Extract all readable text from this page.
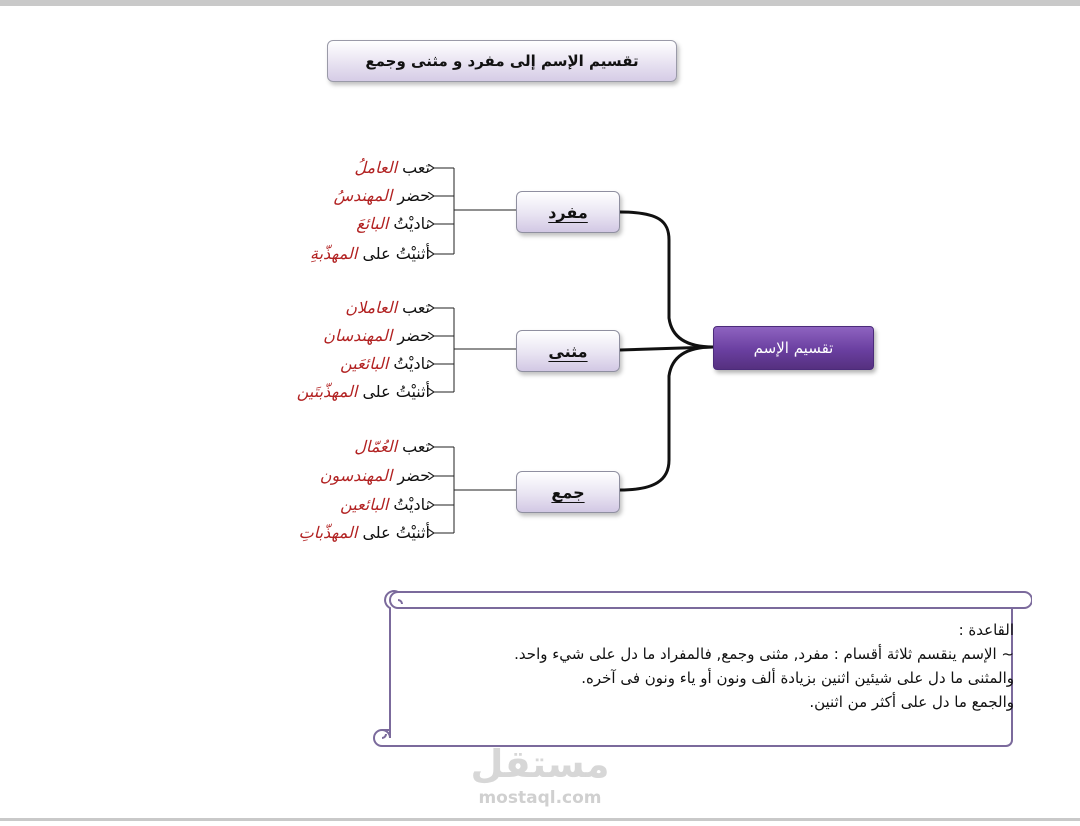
تقسيم الإسم إلى مفرد و مثنى وجمع
تقسيم الإسم
مفرد
مثنى
جمع
تعب العاملُ
حضر المهندسُ
ناديْتُ البائعَ
أثنيْتُ على المهذّبةِ
تعب العاملان
حضر المهندسان
ناديْتُ البائعَين
أثنيْتُ على المهذّبتَين
تعب العُمّال
حضر المهندسون
ناديْتُ البائعين
أثنيْتُ على المهذّباتِ
القاعدة :
~ الإسم ينقسم ثلاثة أقسام : مفرد, مثنى وجمع, فالمفراد ما دل على شيء واحد.
والمثنى ما دل على شيئين اثنين بزيادة ألف ونون أو ياء ونون فى آخره.
والجمع ما دل على أكثر من اثنين.
مستقل
mostaql.com
